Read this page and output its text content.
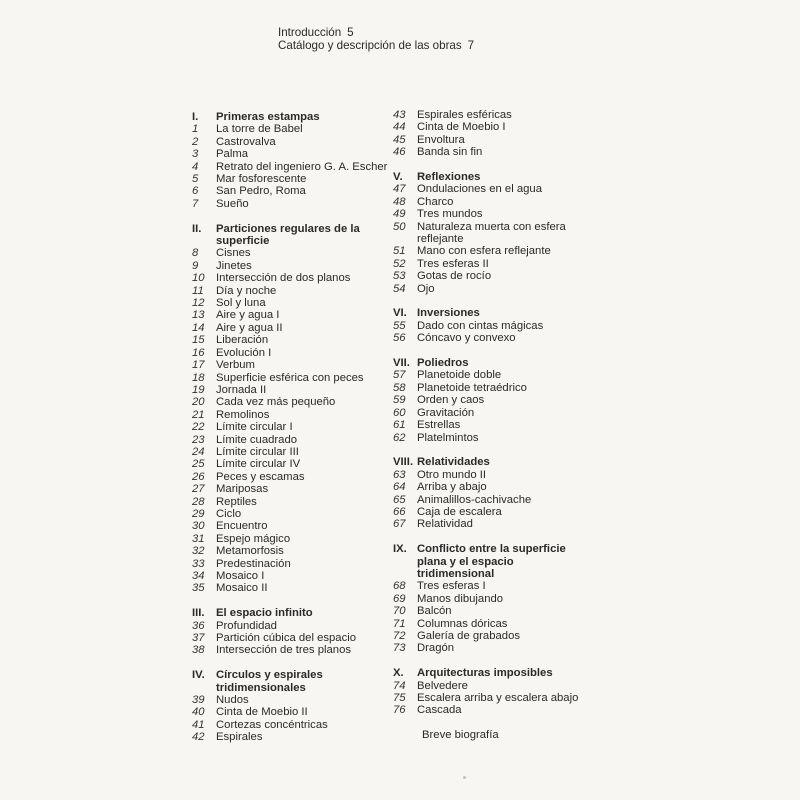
Introducción 5
Catálogo y descripción de las obras 7
I.	Primeras estampas
1	La torre de Babel
2	Castrovalva
3	Palma
4	Retrato del ingeniero G. A. Escher
5	Mar fosforescente
6	San Pedro, Roma
7	Sueño
II.	Particiones regulares de la superficie
8	Cisnes
9	Jinetes
10	Intersección de dos planos
11	Día y noche
12	Sol y luna
13	Aire y agua I
14	Aire y agua II
15	Liberación
16	Evolución I
17	Verbum
18	Superficie esférica con peces
19	Jornada II
20	Cada vez más pequeño
21	Remolinos
22	Límite circular I
23	Límite cuadrado
24	Límite circular III
25	Límite circular IV
26	Peces y escamas
27	Mariposas
28	Reptiles
29	Ciclo
30	Encuentro
31	Espejo mágico
32	Metamorfosis
33	Predestinación
34	Mosaico I
35	Mosaico II
III.	El espacio infinito
36	Profundidad
37	Partición cúbica del espacio
38	Intersección de tres planos
IV. Círculos y espirales tridimensionales
39	Nudos
40	Cinta de Moebio II
41	Cortezas concéntricas
42	Espirales
43	Espirales esféricas
44	Cinta de Moebio I
45	Envoltura
46	Banda sin fin
V.	Reflexiones
47	Ondulaciones en el agua
48	Charco
49	Tres mundos
50	Naturaleza muerta con esfera reflejante
51	Mano con esfera reflejante
52	Tres esferas II
53	Gotas de rocío
54	Ojo
VI. Inversiones
55	Dado con cintas mágicas
56	Cóncavo y convexo
VII. Poliedros
57	Planetoide doble
58	Planetoide tetraédrico
59	Orden y caos
60	Gravitación
61	Estrellas
62	Platelmintos
VIII. Relatividades
63	Otro mundo II
64	Arriba y abajo
65	Animalillos-cachivache
66	Caja de escalera
67	Relatividad
IX. Conflicto entre la superficie plana y el espacio tridimensional
68	Tres esferas I
69	Manos dibujando
70	Balcón
71	Columnas dóricas
72	Galería de grabados
73	Dragón
X.	Arquitecturas imposibles
74	Belvedere
75	Escalera arriba y escalera abajo
76	Cascada
Breve biografía
